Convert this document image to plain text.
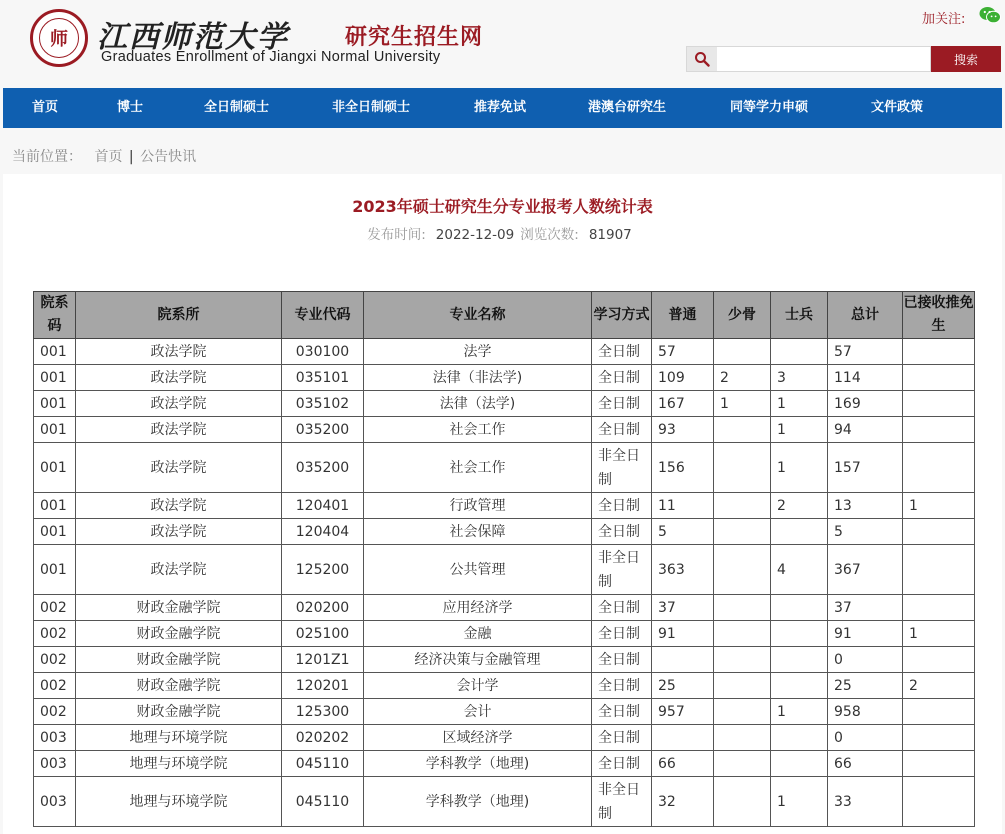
师 江西师范大学	研究生招生网
Graduates Enrollment of Jiangxi Normal University
加关注:
搜索
首页	博士	全日制硕士	非全日制硕士	推荐免试	港澳台研究生	同等学力申硕	文件政策
当前位置： 首页 | 公告快讯
2023年硕士研究生分专业报考人数统计表
发布时间: 2022-12-09 浏览次数: 81907
院系码	院系所	专业代码	专业名称	学习方式	普通	少骨	士兵	总计	已接收推免生
001	政法学院	030100	法学	全日制	57			57	
001	政法学院	035101	法律（非法学)	全日制	109	2	3	114	
001	政法学院	035102	法律（法学)	全日制	167	1	1	169	
001	政法学院	035200	社会工作	全日制	93		1	94	
001	政法学院	035200	社会工作	非全日制	156		1	157	
001	政法学院	120401	行政管理	全日制	11		2	13	1
001	政法学院	120404	社会保障	全日制	5			5	
001	政法学院	125200	公共管理	非全日制	363		4	367	
002	财政金融学院	020200	应用经济学	全日制	37			37	
002	财政金融学院	025100	金融	全日制	91			91	1
002	财政金融学院	1201Z1	经济决策与金融管理	全日制				0	
002	财政金融学院	120201	会计学	全日制	25			25	2
002	财政金融学院	125300	会计	全日制	957		1	958	
003	地理与环境学院	020202	区域经济学	全日制				0	
003	地理与环境学院	045110	学科教学（地理)	全日制	66			66	
003	地理与环境学院	045110	学科教学（地理)	非全日制	32		1	33	
